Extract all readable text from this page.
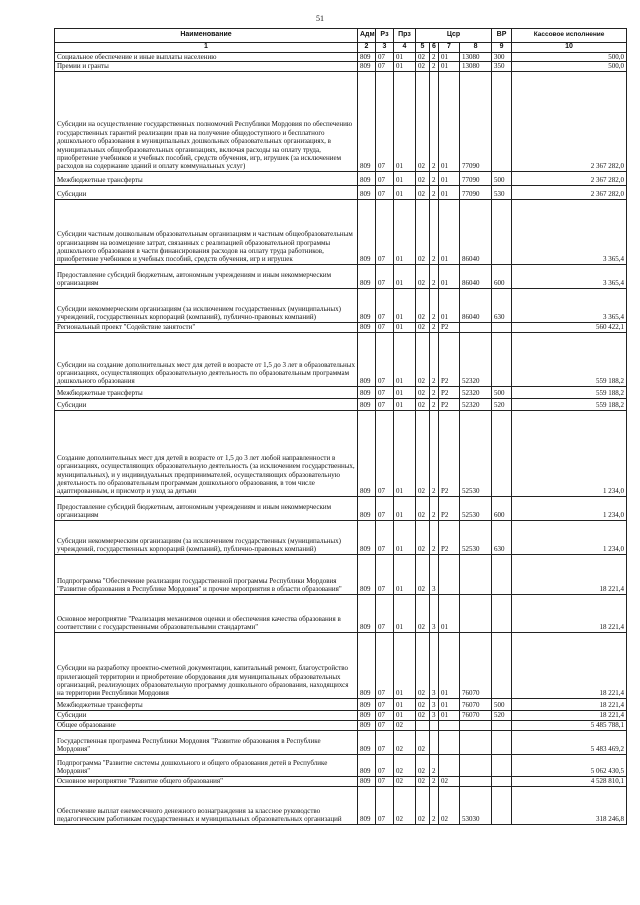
51
Наименование	Адм	Рз	Прз	Цср				ВР	Кассовое исполнение
1	2	3	4	5	6	7	8	9	10
Социальное обеспечение и иные выплаты населению	809	07	01	02	2	01	13080	300	500,0
Премии и гранты	809	07	01	02	2	01	13080	350	500,0
Субсидии на осуществление государственных полномочий Республики Мордовия по обеспечению государственных гарантий реализации прав на получение общедоступного и бесплатного дошкольного образования в муниципальных дошкольных образовательных организациях, в муниципальных общеобразовательных организациях, включая расходы на оплату труда, приобретение учебников и учебных пособий, средств обучения, игр, игрушек (за исключением расходов на содержание зданий и оплату коммунальных услуг)	809	07	01	02	2	01	77090		2 367 282,0
Межбюджетные трансферты	809	07	01	02	2	01	77090	500	2 367 282,0
Субсидии	809	07	01	02	2	01	77090	530	2 367 282,0
Субсидии частным дошкольным образовательным организациям и частным общеобразовательным организациям на возмещение затрат, связанных с реализацией образовательной программы дошкольного образования в части финансирования расходов на оплату труда работников, приобретение учебников и учебных пособий, средств обучения, игр и игрушек	809	07	01	02	2	01	86040		3 365,4
Предоставление субсидий бюджетным, автономным учреждениям и иным некоммерческим организациям	809	07	01	02	2	01	86040	600	3 365,4
Субсидии некоммерческим организациям (за исключением государственных (муниципальных) учреждений, государственных корпораций (компаний), публично-правовых компаний)	809	07	01	02	2	01	86040	630	3 365,4
Региональный проект "Содействие занятости"	809	07	01	02	2	P2			560 422,1
Субсидии на создание дополнительных мест для детей в возрасте от 1,5 до 3 лет в образовательных организациях, осуществляющих образовательную деятельность по образовательным программам дошкольного образования	809	07	01	02	2	P2	52320		559 188,2
Межбюджетные трансферты	809	07	01	02	2	P2	52320	500	559 188,2
Субсидии	809	07	01	02	2	P2	52320	520	559 188,2
Создание дополнительных мест для детей в возрасте от 1,5 до 3 лет любой направленности в организациях, осуществляющих образовательную деятельность (за исключением государственных, муниципальных), и у индивидуальных предпринимателей, осуществляющих образовательную деятельность по образовательным программам дошкольного образования, в том числе адаптированным, и присмотр и уход за детьми	809	07	01	02	2	P2	52530		1 234,0
Предоставление субсидий бюджетным, автономным учреждениям и иным некоммерческим организациям	809	07	01	02	2	P2	52530	600	1 234,0
Субсидии некоммерческим организациям (за исключением государственных (муниципальных) учреждений, государственных корпораций (компаний), публично-правовых компаний)	809	07	01	02	2	P2	52530	630	1 234,0
Подпрограмма "Обеспечение реализации государственной программы Республики Мордовия "Развитие образования в Республике Мордовия" и прочие мероприятия в области образования"	809	07	01	02	3				18 221,4
Основное мероприятие "Реализация механизмов оценки и обеспечения качества образования в соответствии с государственными образовательными стандартами"	809	07	01	02	3	01			18 221,4
Субсидии на разработку проектно-сметной документации, капитальный ремонт, благоустройство прилегающей территории и приобретение оборудования для муниципальных образовательных организаций, реализующих образовательную программу дошкольного образования, находящихся на территории Республики Мордовия	809	07	01	02	3	01	76070		18 221,4
Межбюджетные трансферты	809	07	01	02	3	01	76070	500	18 221,4
Субсидии	809	07	01	02	3	01	76070	520	18 221,4
Общее образование	809	07	02						5 485 788,1
Государственная программа Республики Мордовия "Развитие образования в Республике Мордовия"	809	07	02	02					5 483 469,2
Подпрограмма "Развитие системы дошкольного и общего образования детей в Республике Мордовия"	809	07	02	02	2				5 062 430,5
Основное мероприятие "Развитие общего образования"	809	07	02	02	2	02			4 528 810,1
Обеспечение выплат ежемесячного денежного вознаграждения за классное руководство педагогическим работникам государственных и муниципальных образовательных организаций	809	07	02	02	2	02	53030		318 246,8
